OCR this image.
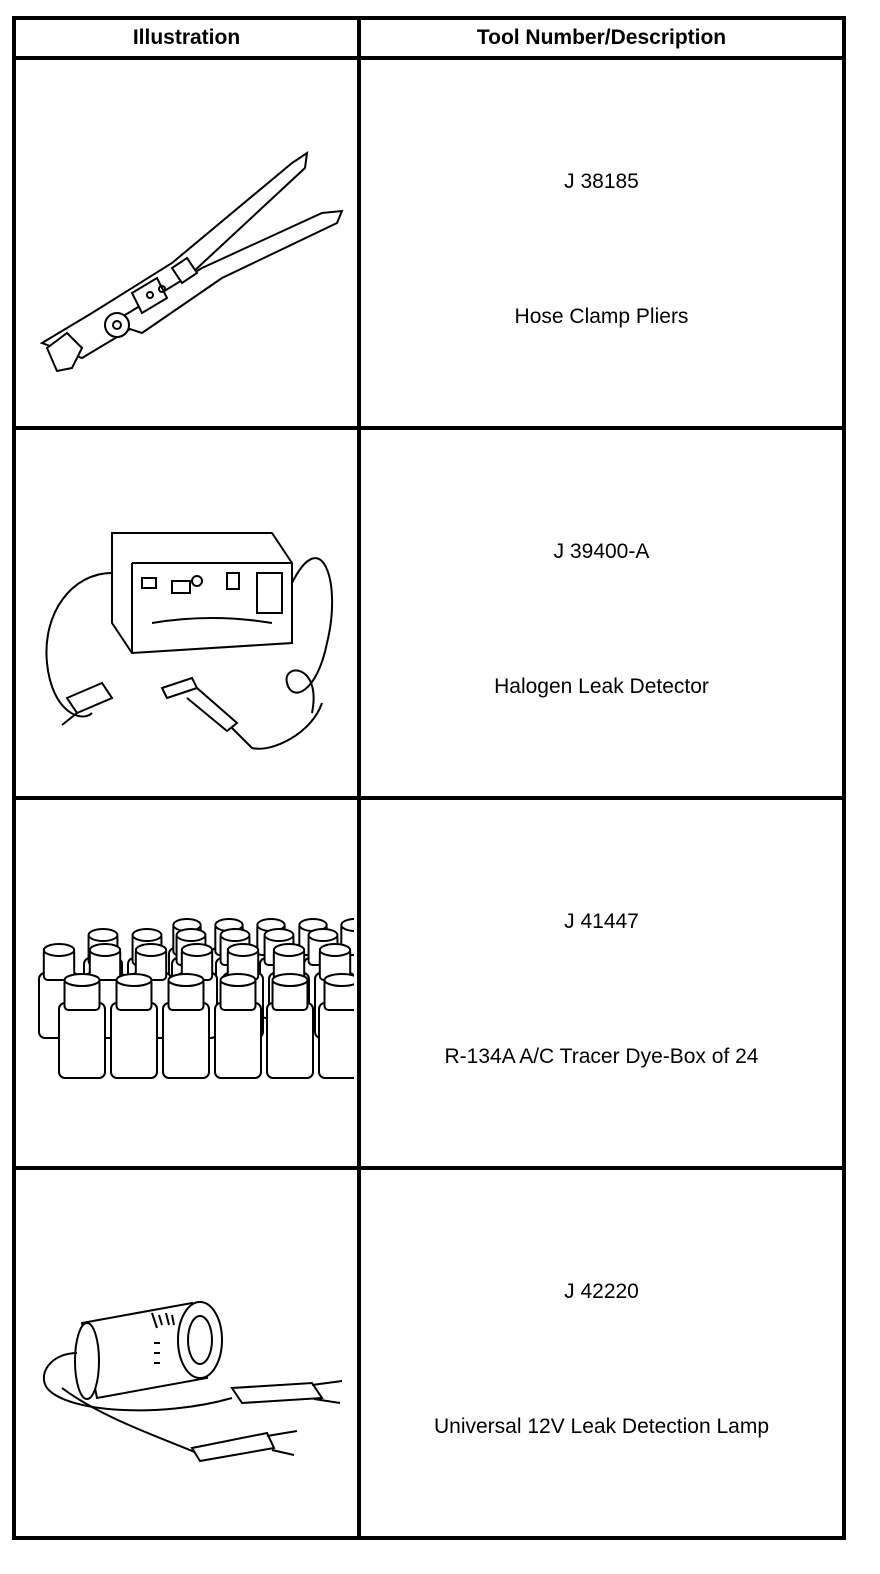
Illustration	Tool Number/Description

J 38185
Hose Clamp Pliers

J 39400-A
Halogen Leak Detector

J 41447
R-134A A/C Tracer Dye-Box of 24

J 42220
Universal 12V Leak Detection Lamp
